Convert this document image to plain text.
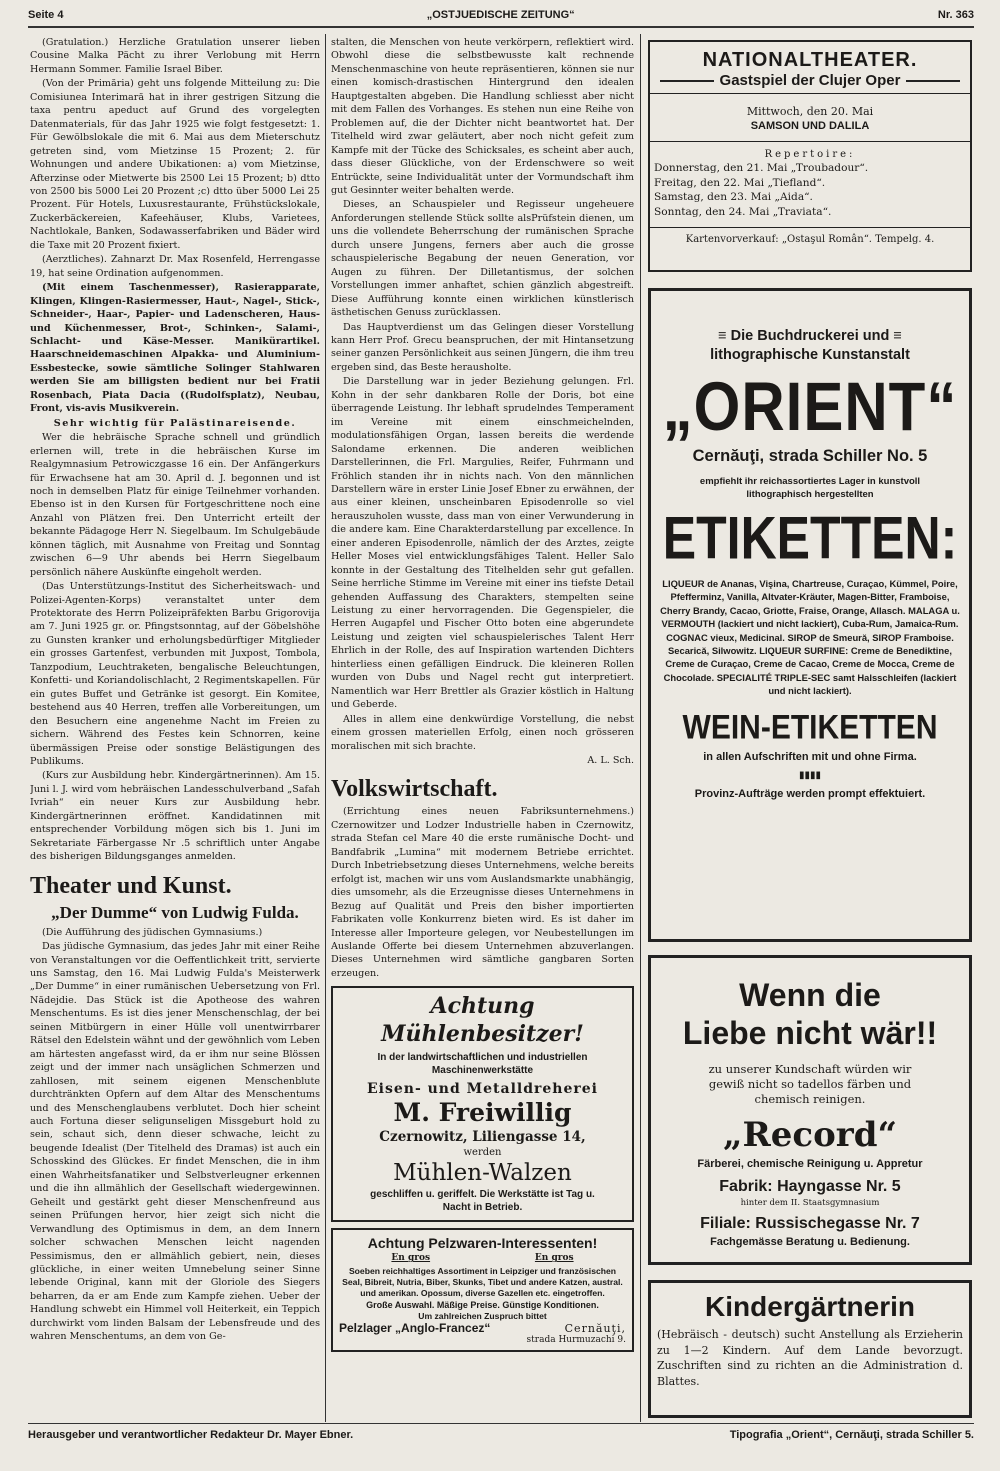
Seite 4	„OSTJUEDISCHE ZEITUNG“	Nr. 363

(Gratulation.) Herzliche Gratulation unserer lieben Cousine Malka Pächt zu ihrer Verlobung mit Herrn Hermann Sommer. Familie Israel Biber.

(Von der Primăria) geht uns folgende Mitteilung zu: Die Comisiunea Interimară hat in ihrer gestrigen Sitzung die taxa pentru apeduct auf Grund des vorgelegten Datenmaterials, für das Jahr 1925 wie folgt festgesetzt: 1. Für Gewölbslokale die mit 6. Mai aus dem Mieterschutz getreten sind, vom Mietzinse 15 Prozent; 2. für Wohnungen und andere Ubikationen: a) vom Mietzinse, Afterzinse oder Mietwerte bis 2500 Lei 15 Prozent; b) dtto von 2500 bis 5000 Lei 20 Prozent ;c) dtto über 5000 Lei 25 Prozent. Für Hotels, Luxusrestaurante, Frühstückslokale, Zuckerbäckereien, Kafeehäuser, Klubs, Varietees, Nachtlokale, Banken, Sodawasserfabriken und Bäder wird die Taxe mit 20 Prozent fixiert.

(Aerztliches). Zahnarzt Dr. Max Rosenfeld, Herrengasse 19, hat seine Ordination aufgenommen.

(Mit einem Taschenmesser), Rasierapparate, Klingen, Klingen-Rasiermesser, Haut-, Nagel-, Stick-, Schneider-, Haar-, Papier- und Ladenscheren, Haus- und Küchenmesser, Brot-, Schinken-, Salami-, Schlacht- und Käse-Messer. Manikürartikel. Haarschneidemaschinen Alpakka- und Aluminium-Essbestecke, sowie sämtliche Solinger Stahlwaren werden Sie am billigsten bedient nur bei Fratii Rosenbach, Piata Dacia ((Rudolfsplatz), Neubau, Front, vis-avis Musikverein.

Sehr wichtig für Palästinareisende.

Wer die hebräische Sprache schnell und gründlich erlernen will, trete in die hebräischen Kurse im Realgymnasium Petrowiczgasse 16 ein. Der Anfängerkurs für Erwachsene hat am 30. April d. J. begonnen und ist noch in demselben Platz für einige Teilnehmer vorhanden. Ebenso ist in den Kursen für Fortgeschrittene noch eine Anzahl von Plätzen frei. Den Unterricht erteilt der bekannte Pädagoge Herr N. Siegelbaum. Im Schulgebäude können täglich, mit Ausnahme von Freitag und Sonntag zwischen 6—9 Uhr abends bei Herrn Siegelbaum persönlich nähere Auskünfte eingeholt werden.

(Das Unterstützungs-Institut des Sicherheitswach- und Polizei-Agenten-Korps) veranstaltet unter dem Protektorate des Herrn Polizeipräfekten Barbu Grigorovija am 7. Juni 1925 gr. or. Pfingstsonntag, auf der Göbelshöhe zu Gunsten kranker und erholungsbedürftiger Mitglieder ein grosses Gartenfest, verbunden mit Juxpost, Tombola, Tanzpodium, Leuchtraketen, bengalische Beleuchtungen, Konfetti- und Koriandolischlacht, 2 Regimentskapellen. Für ein gutes Buffet und Getränke ist gesorgt. Ein Komitee, bestehend aus 40 Herren, treffen alle Vorbereitungen, um den Besuchern eine angenehme Nacht im Freien zu sichern. Während des Festes kein Schnorren, keine übermässigen Preise oder sonstige Belästigungen des Publikums.

(Kurs zur Ausbildung hebr. Kindergärtnerinnen). Am 15. Juni l. J. wird vom hebräischen Landesschulverband „Safah Ivriah“ ein neuer Kurs zur Ausbildung hebr. Kindergärtnerinnen eröffnet. Kandidatinnen mit entsprechender Vorbildung mögen sich bis 1. Juni im Sekretariate Färbergasse Nr .5 schriftlich unter Angabe des bisherigen Bildungsganges anmelden.

Theater und Kunst.
„Der Dumme“ von Ludwig Fulda.

(Die Aufführung des jüdischen Gymnasiums.)

Das jüdische Gymnasium, das jedes Jahr mit einer Reihe von Veranstaltungen vor die Oeffentlichkeit tritt, servierte uns Samstag, den 16. Mai Ludwig Fulda's Meisterwerk „Der Dumme“ in einer rumänischen Uebersetzung von Frl. Nădejdie. Das Stück ist die Apotheose des wahren Menschentums. Es ist dies jener Menschenschlag, der bei seinen Mitbürgern in einer Hülle voll unentwirrbarer Rätsel den Edelstein wähnt und der gewöhnlich vom Leben am härtesten angefasst wird, da er ihm nur seine Blössen zeigt und der immer nach unsäglichen Schmerzen und zahllosen, mit seinem eigenen Menschenblute durchtränkten Opfern auf dem Altar des Menschentums und des Menschenglaubens verblutet. Doch hier scheint auch Fortuna dieser seligunseligen Missgeburt hold zu sein, schaut sich, denn dieser schwache, leicht zu beugende Idealist (Der Titelheld des Dramas) ist auch ein Schosskind des Glückes. Er findet Menschen, die in ihm einen Wahrheitsfanatiker und Selbstverleugner erkennen und die ihn allmählich der Gesellschaft wiedergewinnen. Geheilt und gestärkt geht dieser Menschenfreund aus seinen Prüfungen hervor, hier zeigt sich nicht die Verwandlung des Optimismus in dem, an dem Innern solcher schwachen Menschen leicht nagenden Pessimismus, den er allmählich gebiert, nein, dieses glückliche, in einer weiten Umnebelung seiner Sinne lebende Original, kann mit der Gloriole des Siegers beharren, da er am Ende zum Kampfe ziehen. Ueber der Handlung schwebt ein Himmel voll Heiterkeit, ein Teppich durchwirkt vom linden Balsam der Lebensfreude und des wahren Menschentums, an dem von Ge-

stalten, die Menschen von heute verkörpern, reflektiert wird. Obwohl diese die selbstbewusste kalt rechnende Menschenmaschine von heute repräsentieren, können sie nur einen komisch-drastischen Hintergrund den idealen Hauptgestalten abgeben. Die Handlung schliesst aber nicht mit dem Fallen des Vorhanges. Es stehen nun eine Reihe von Problemen auf, die der Dichter nicht beantwortet hat. Der Titelheld wird zwar geläutert, aber noch nicht gefeit zum Kampfe mit der Tücke des Schicksales, es scheint aber auch, dass dieser Glückliche, von der Erdenschwere so weit Entrückte, seine Individualität unter der Vormundschaft ihm gut Gesinnter weiter behalten werde.

Dieses, an Schauspieler und Regisseur ungeheuere Anforderungen stellende Stück sollte alsPrüfstein dienen, um uns die vollendete Beherrschung der rumänischen Sprache durch unsere Jungens, ferners aber auch die grosse schauspielerische Begabung der neuen Generation, vor Augen zu führen. Der Dilletantismus, der solchen Vorstellungen immer anhaftet, schien gänzlich abgestreift. Diese Aufführung konnte einen wirklichen künstlerisch ästhetischen Genuss zurücklassen.

Das Hauptverdienst um das Gelingen dieser Vorstellung kann Herr Prof. Grecu beanspruchen, der mit Hintansetzung seiner ganzen Persönlichkeit aus seinen Jüngern, die ihm treu ergeben sind, das Beste herausholte.

Die Darstellung war in jeder Beziehung gelungen. Frl. Kohn in der sehr dankbaren Rolle der Doris, bot eine überragende Leistung. Ihr lebhaft sprudelndes Temperament im Vereine mit einem einschmeichelnden, modulationsfähigen Organ, lassen bereits die werdende Salondame erkennen. Die anderen weiblichen Darstellerinnen, die Frl. Margulies, Reifer, Fuhrmann und Fröhlich standen ihr in nichts nach. Von den männlichen Darstellern wäre in erster Linie Josef Ebner zu erwähnen, der aus einer kleinen, unscheinbaren Episodenrolle so viel herauszuholen wusste, dass man von einer Verwunderung in die andere kam. Eine Charakterdarstellung par excellence. In einer anderen Episodenrolle, nämlich der des Arztes, zeigte Heller Moses viel entwicklungsfähiges Talent. Heller Salo konnte in der Gestaltung des Titelhelden sehr gut gefallen. Seine herrliche Stimme im Vereine mit einer ins tiefste Detail gehenden Auffassung des Charakters, stempelten seine Leistung zu einer hervorragenden. Die Gegenspieler, die Herren Augapfel und Fischer Otto boten eine abgerundete Leistung und zeigten viel schauspielerisches Talent Herr Ehrlich in der Rolle, des auf Inspiration wartenden Dichters hinterliess einen gefälligen Eindruck. Die kleineren Rollen wurden von Dubs und Nagel recht gut interpretiert. Namentlich war Herr Brettler als Grazier köstlich in Haltung und Geberde.

Alles in allem eine denkwürdige Vorstellung, die nebst einem grossen materiellen Erfolg, einen noch grösseren moralischen mit sich brachte.

A. L. Sch.

Volkswirtschaft.

(Errichtung eines neuen Fabriksunternehmens.) Czernowitzer und Lodzer Industrielle haben in Czernowitz, strada Stefan cel Mare 40 die erste rumänische Docht- und Bandfabrik „Lumina“ mit modernem Betriebe errichtet. Durch Inbetriebsetzung dieses Unternehmens, welche bereits erfolgt ist, machen wir uns vom Auslandsmarkte unabhängig, dies umsomehr, als die Erzeugnisse dieses Unternehmens in Bezug auf Qualität und Preis den bisher importierten Fabrikaten volle Konkurrenz bieten wird. Es ist daher im Interesse aller Importeure gelegen, vor Neubestellungen im Auslande Offerte bei diesem Unternehmen abzuverlangen. Dieses Unternehmen wird sämtliche gangbaren Sorten erzeugen.

Achtung Mühlenbesitzer!
In der landwirtschaftlichen und industriellen Maschinenwerkstätte
Eisen- und Metalldreherei
M. Freiwillig
Czernowitz, Liliengasse 14,
werden
Mühlen-Walzen
geschliffen u. geriffelt. Die Werkstätte ist Tag u. Nacht in Betrieb.
Achtung Pelzwaren-Interessenten!
En gros	En gros
Soeben reichhaltiges Assortiment in Leipziger und französischen Seal, Bibreit, Nutria, Biber, Skunks, Tibet und andere Katzen, austral. und amerikan. Opossum, diverse Gazellen etc. eingetroffen.
Große Auswahl. Mäßige Preise. Günstige Konditionen.
Um zahlreichen Zuspruch bittet
Pelzlager „Anglo-Francez“	Cernăuţi,
strada Hurmuzachi 9.
NATIONALTHEATER.
Gastspiel der Clujer Oper
Mittwoch, den 20. Mai
SAMSON UND DALILA
Repertoire:
Donnerstag, den 21. Mai „Troubadour“.
Freitag, den 22. Mai „Tiefland“.
Samstag, den 23. Mai „Aida“.
Sonntag, den 24. Mai „Traviata“.
Kartenvorverkauf: „Ostaşul Român“. Tempelg. 4.
≡ Die Buchdruckerei und ≡
lithographische Kunstanstalt
„ORIENT“
Cernăuţi, strada Schiller No. 5
empfiehlt ihr reichassortiertes Lager in kunstvoll lithographisch hergestellten
ETIKETTEN:
LIQUEUR de Ananas, Vişina, Chartreuse, Curaçao, Kümmel, Poire, Pfefferminz, Vanilla, Altvater-Kräuter, Magen-Bitter, Framboise, Cherry Brandy, Cacao, Griotte, Fraise, Orange, Allasch. MALAGA u. VERMOUTH (lackiert und nicht lackiert), Cuba-Rum, Jamaica-Rum. COGNAC vieux, Medicinal. SIROP de Smeură, SIROP Framboise. Secarică, Silwowitz. LIQUEUR SURFINE: Creme de Benediktine, Creme de Curaçao, Creme de Cacao, Creme de Mocca, Creme de Chocolade. SPECIALITÉ TRIPLE-SEC samt Halsschleifen (lackiert und nicht lackiert).
WEIN-ETIKETTEN
in allen Aufschriften mit und ohne Firma.
▮▮▮▮
Provinz-Aufträge werden prompt effektuiert.
Wenn die
Liebe nicht wär!!
zu unserer Kundschaft würden wir gewiß nicht so tadellos färben und chemisch reinigen.
„Record“
Färberei, chemische Reinigung u. Appretur
Fabrik: Hayngasse Nr. 5
hinter dem II. Staatsgymnasium
Filiale: Russischegasse Nr. 7
Fachgemässe Beratung u. Bedienung.
Kindergärtnerin
(Hebräisch - deutsch) sucht Anstellung als Erzieherin zu 1—2 Kindern. Auf dem Lande bevorzugt. Zuschriften sind zu richten an die Administration d. Blattes.
Herausgeber und verantwortlicher Redakteur Dr. Mayer Ebner.	Tipografia „Orient“, Cernăuţi, strada Schiller 5.
